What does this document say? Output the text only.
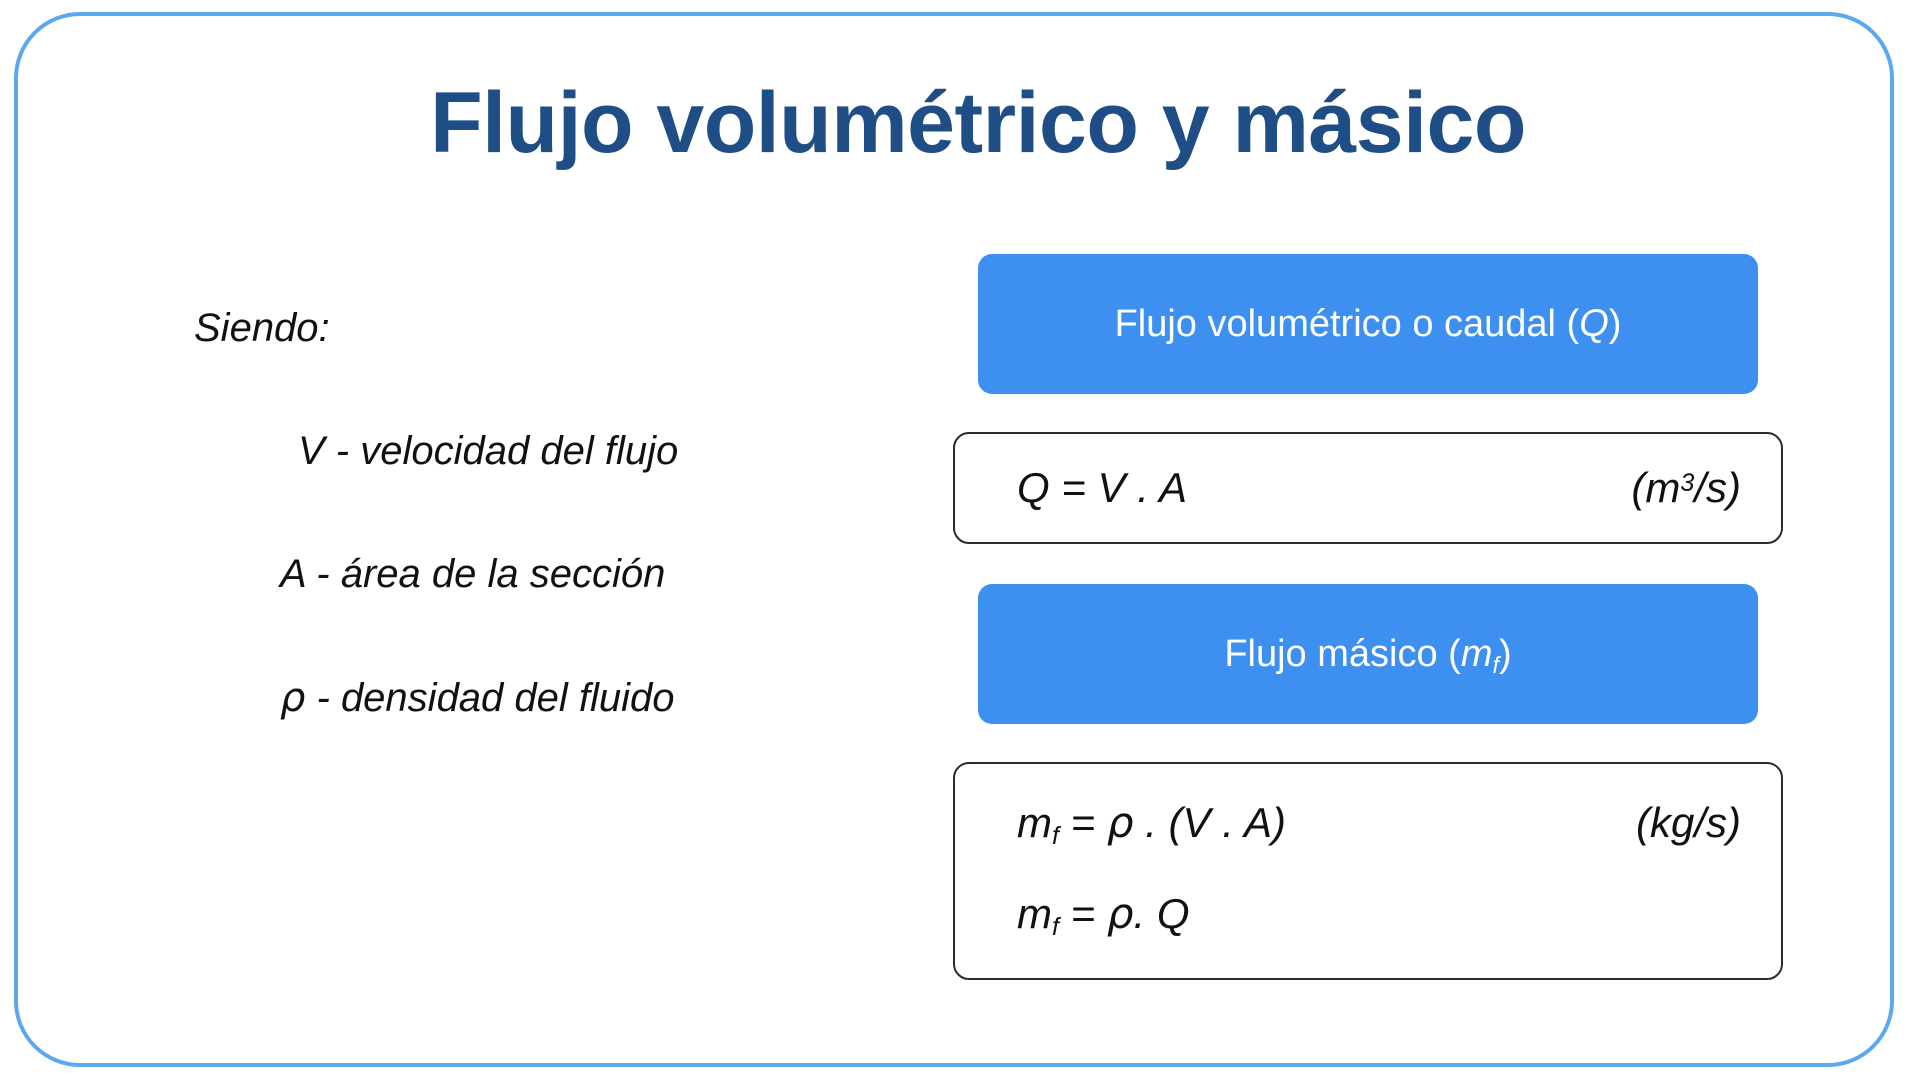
Flujo volumétrico y másico
Siendo:
V - velocidad del flujo
A - área de la sección
ρ - densidad del fluido
Flujo volumétrico o caudal (Q)
Q = V . A	$(m^3/s)$
Flujo másico $(m_f)$
$m_f = \rho$ . (V . A)	(kg/s)
$m_f = \rho$. Q
